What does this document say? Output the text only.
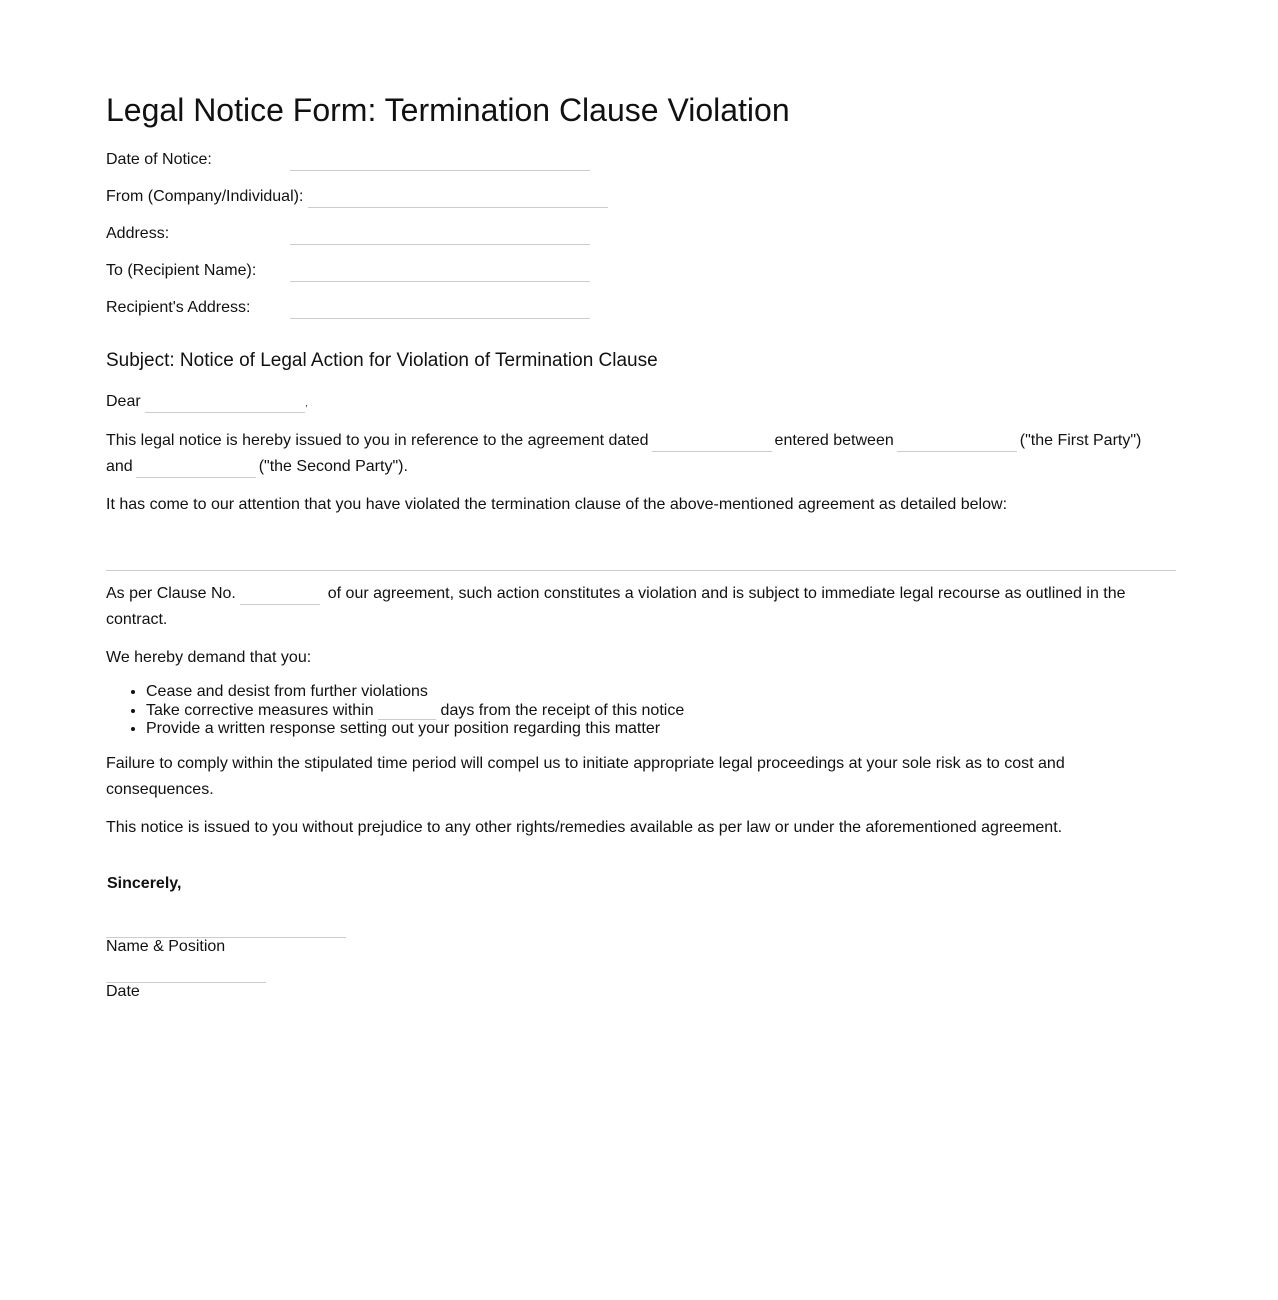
Legal Notice Form: Termination Clause Violation
Date of Notice:
From (Company/Individual):
Address:
To (Recipient Name):
Recipient's Address:
Subject: Notice of Legal Action for Violation of Termination Clause

Dear	,

This legal notice is hereby issued to you in reference to the agreement dated	entered between	("the First Party") and	("the Second Party").

It has come to our attention that you have violated the termination clause of the above-mentioned agreement as detailed below:

As per Clause No.	of our agreement, such action constitutes a violation and is subject to immediate legal recourse as outlined in the contract.

We hereby demand that you:

• Cease and desist from further violations
• Take corrective measures within	days from the receipt of this notice
• Provide a written response setting out your position regarding this matter

Failure to comply within the stipulated time period will compel us to initiate appropriate legal proceedings at your sole risk as to cost and consequences.

This notice is issued to you without prejudice to any other rights/remedies available as per law or under the aforementioned agreement.

Sincerely,
Name & Position
Date
